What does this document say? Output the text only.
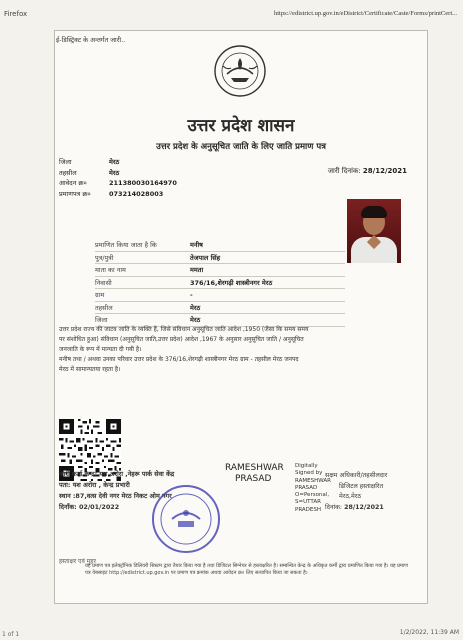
Firefox	https://edistrict.up.gov.in/eDistrict/Certificate/Caste/Forms/printCert...
1 of 1	1/2/2022, 11:39 AM
ई-डिस्ट्रिक्ट के अन्तर्गत जारी..
उत्तर प्रदेश शासन
उत्तर प्रदेश के अनुसूचित जाति के लिए जाति प्रमाण पत्र
जिला	मेरठ
तहसील	मेरठ
आवेदन क्र०	211380030164970
प्रमाणपत्र क्र०	073214028003
जारी दिनांक: 28/12/2021
प्रमाणित किया जाता है कि	मनीष
पुत्र/पुत्री	तेजपाल सिंह
माता का नाम	ममता
निवासी	376/16,शेरगढ़ी शास्त्रीनगर मेरठ
ग्राम	-
तहसील	मेरठ
जिला	मेरठ

उत्तर प्रदेश राज्य की जाटव जाति के व्यक्ति हैं, जिसे संविधान अनुसूचित जाति आदेश ,1950 (जैसा कि समय समय

पर संशोधित हुआ) संविधान (अनुसूचित जाति,उत्तर प्रदेश) आदेश ,1967 के अनुसार अनुसूचित जाति / अनुसूचित

जनजाति के रूप में मान्यता दी गयी है।

मनीष तथा / अथवा उनका परिवार उत्तर प्रदेश के 376/16,शेरगढ़ी शास्त्रीनगर मेरठ ग्राम - तहसील मेरठ जनपद

मेरठ में सामान्यतया रहता है।

जारी कर्ता केन्द्र: यश अरोरा ,नेहरू पार्क सेवा केंद्र
पता: यश अरोरा , केन्द्र प्रभारी
स्थान :87,वत्स देवी नगर मेरठ निकट ओम नगर
दिनाँक: 02/01/2022
RAMESHWAR
PRASAD
Digitally
Signed by
RAMESHWAR
PRASAD
O=Personal,
S=UTTAR
PRADESH
सक्षम अधिकारी/तहसीलदार
डिजिटल हस्ताक्षरित
मेरठ,मेरठ
दिनांक: 28/12/2021
हस्ताक्षर एवं मुहर
यह प्रमाण पत्र इलेक्ट्रॉनिक डिलिवरी सिस्टम द्वारा तैयार किया गया है तथा डिजिटल सिग्नेचर से हस्ताक्षरित है। सम्बन्धित केन्द्र के अधिकृत कर्मी द्वारा प्रमाणित किया गया है। यह प्रमाण पत्र वेबसाइट http://edistrict.up.gov.in पर प्रमाण पत्र क्रमांक अथवा आवेदन क्र० लिए सत्यापित किया जा सकता है।
